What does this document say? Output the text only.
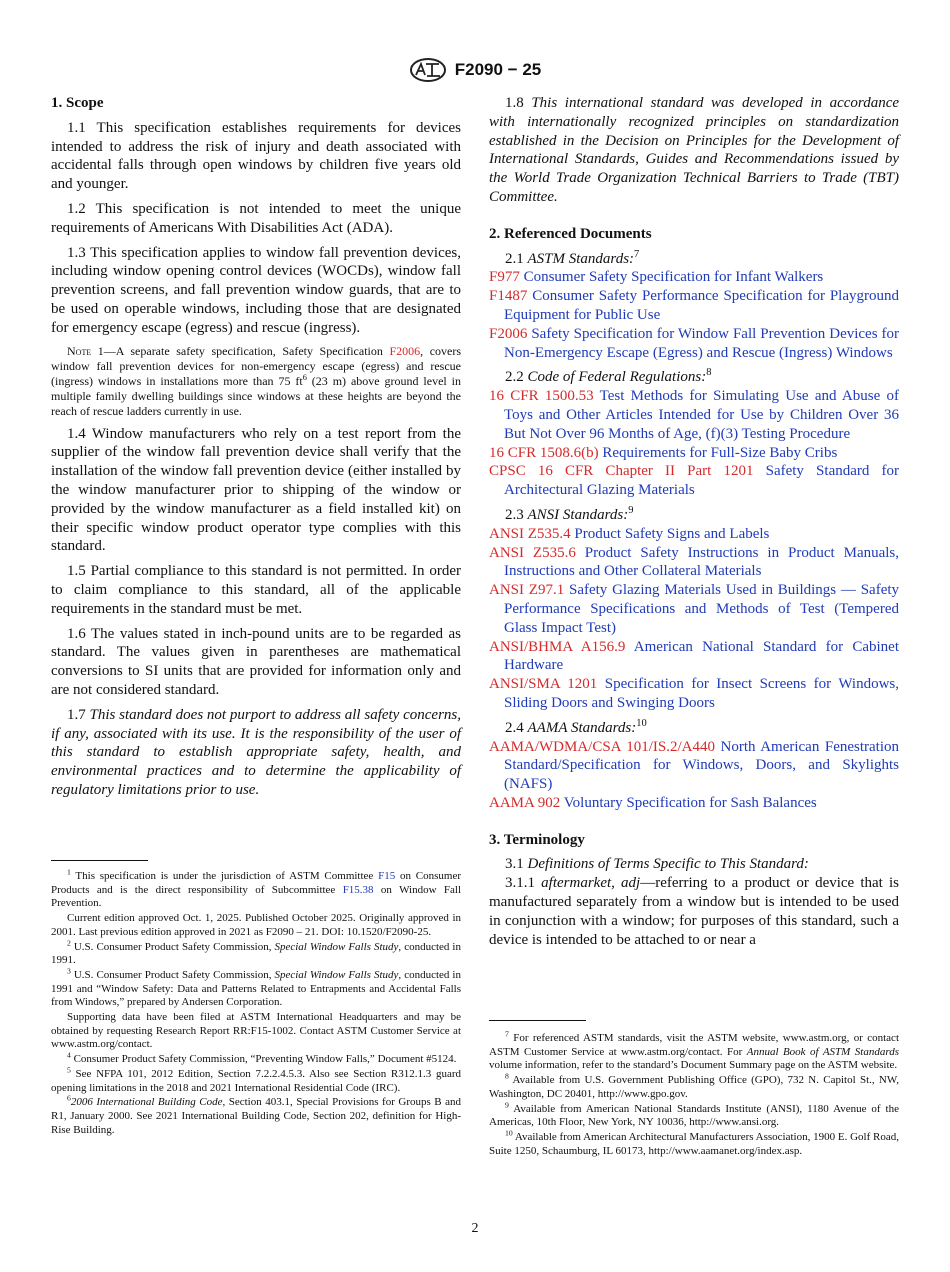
F2090 − 25
1. Scope

1.1 This specification establishes requirements for devices intended to address the risk of injury and death associated with accidental falls through open windows by children five years old and younger.

1.2 This specification is not intended to meet the unique requirements of Americans With Disabilities Act (ADA).

1.3 This specification applies to window fall prevention devices, including window opening control devices (WOCDs), window fall prevention screens, and fall prevention window guards, that are to be used on operable windows, including those that are designated for emergency escape (egress) and rescue (ingress).

Note 1—A separate safety specification, Safety Specification F2006, covers window fall prevention devices for non-emergency escape (egress) and rescue (ingress) windows in installations more than 75 $ft^6$ (23 m) above ground level in multiple family dwelling buildings since windows at these heights are beyond the reach of rescue ladders currently in use.

1.4 Window manufacturers who rely on a test report from the supplier of the window fall prevention device shall verify that the installation of the window fall prevention device (either installed by the window manufacturer prior to shipping of the window or provided by the window manufacturer as a field installed kit) on their specific window product operator type complies with this standard.

1.5 Partial compliance to this standard is not permitted. In order to claim compliance to this standard, all of the applicable requirements in the standard must be met.

1.6 The values stated in inch-pound units are to be regarded as standard. The values given in parentheses are mathematical conversions to SI units that are provided for information only and are not considered standard.

1.7 This standard does not purport to address all safety concerns, if any, associated with its use. It is the responsibility of the user of this standard to establish appropriate safety, health, and environmental practices and to determine the applicability of regulatory limitations prior to use.

$^1$ This specification is under the jurisdiction of ASTM Committee F15 on Consumer Products and is the direct responsibility of Subcommittee F15.38 on Window Fall Prevention.

Current edition approved Oct. 1, 2025. Published October 2025. Originally approved in 2001. Last previous edition approved in 2021 as F2090 – 21. DOI: 10.1520/F2090-25.

$^2$ U.S. Consumer Product Safety Commission, Special Window Falls Study, conducted in 1991.

$^3$ U.S. Consumer Product Safety Commission, Special Window Falls Study, conducted in 1991 and “Window Safety: Data and Patterns Related to Entrapments and Accidental Falls from Windows,” prepared by Andersen Corporation.

Supporting data have been filed at ASTM International Headquarters and may be obtained by requesting Research Report RR:F15-1002. Contact ASTM Customer Service at www.astm.org/contact.

$^4$ Consumer Product Safety Commission, “Preventing Window Falls,” Document #5124.

$^5$ See NFPA 101, 2012 Edition, Section 7.2.2.4.5.3. Also see Section R312.1.3 guard opening limitations in the 2018 and 2021 International Residential Code (IRC).

$^6$2006 International Building Code, Section 403.1, Special Provisions for Groups B and R1, January 2000. See 2021 International Building Code, Section 202, definition for High-Rise Building.

1.8 This international standard was developed in accordance with internationally recognized principles on standardization established in the Decision on Principles for the Development of International Standards, Guides and Recommendations issued by the World Trade Organization Technical Barriers to Trade (TBT) Committee.

2. Referenced Documents
2.1 ASTM Standards:$^7$
F977 Consumer Safety Specification for Infant Walkers
F1487 Consumer Safety Performance Specification for Playground Equipment for Public Use
F2006 Safety Specification for Window Fall Prevention Devices for Non-Emergency Escape (Egress) and Rescue (Ingress) Windows
2.2 Code of Federal Regulations:$^8$
16 CFR 1500.53 Test Methods for Simulating Use and Abuse of Toys and Other Articles Intended for Use by Children Over 36 But Not Over 96 Months of Age, (f)(3) Testing Procedure
16 CFR 1508.6(b) Requirements for Full-Size Baby Cribs
CPSC 16 CFR Chapter II Part 1201 Safety Standard for Architectural Glazing Materials
2.3 ANSI Standards:$^9$
ANSI Z535.4 Product Safety Signs and Labels
ANSI Z535.6 Product Safety Instructions in Product Manuals, Instructions and Other Collateral Materials
ANSI Z97.1 Safety Glazing Materials Used in Buildings — Safety Performance Specifications and Methods of Test (Tempered Glass Impact Test)
ANSI/BHMA A156.9 American National Standard for Cabinet Hardware
ANSI/SMA 1201 Specification for Insect Screens for Windows, Sliding Doors and Swinging Doors
2.4 AAMA Standards:$^{10}$
AAMA/WDMA/CSA 101/IS.2/A440 North American Fenestration Standard/Specification for Windows, Doors, and Skylights (NAFS)
AAMA 902 Voluntary Specification for Sash Balances
3. Terminology
3.1 Definitions of Terms Specific to This Standard:

3.1.1 aftermarket, adj—referring to a product or device that is manufactured separately from a window but is intended to be used in conjunction with a window; for purposes of this standard, such a device is intended to be attached to or near a

$^7$ For referenced ASTM standards, visit the ASTM website, www.astm.org, or contact ASTM Customer Service at www.astm.org/contact. For Annual Book of ASTM Standards volume information, refer to the standard’s Document Summary page on the ASTM website.

$^8$ Available from U.S. Government Publishing Office (GPO), 732 N. Capitol St., NW, Washington, DC 20401, http://www.gpo.gov.

$^9$ Available from American National Standards Institute (ANSI), 1180 Avenue of the Americas, 10th Floor, New York, NY 10036, http://www.ansi.org.

$^{10}$ Available from American Architectural Manufacturers Association, 1900 E. Golf Road, Suite 1250, Schaumburg, IL 60173, http://www.aamanet.org/index.asp.

2
